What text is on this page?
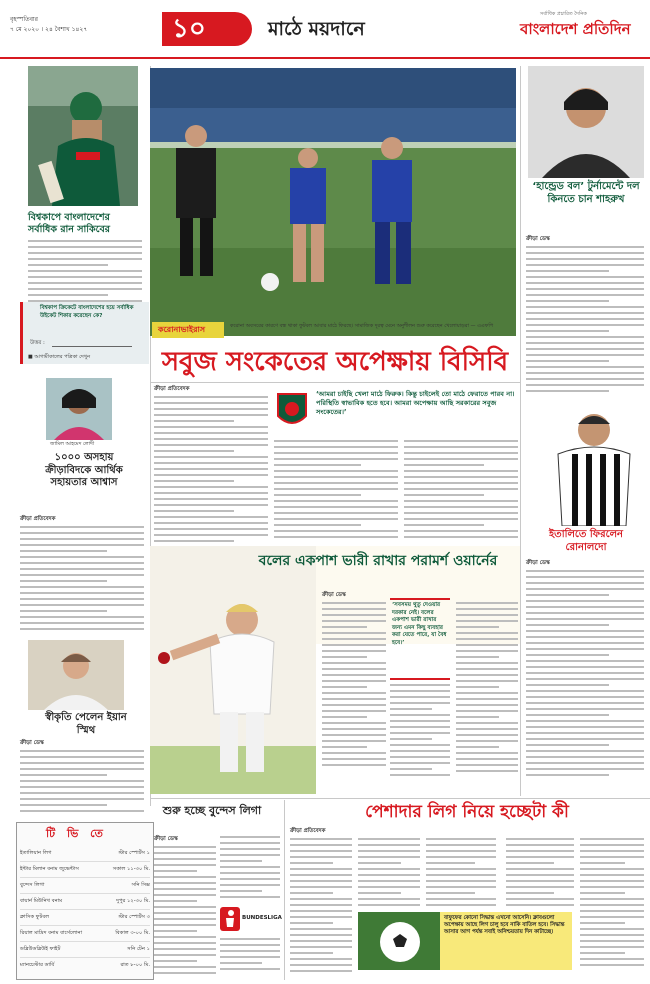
বৃহস্পতিবার
৭ মে ২০২০ । ২৪ বৈশাখ ১৪২৭	১০	মাঠে ময়দানে
সর্বাধিক প্রচারিত দৈনিক
বাংলাদেশ প্রতিদিন
বিশ্বকাপে বাংলাদেশের সর্বাধিক রান সাকিবের
বিশ্বকাপ ক্রিকেটে বাংলাদেশের হয়ে সর্বাধিক উইকেট শিকার করেছেন কে?
উত্তর :
■ আগামীকালের পত্রিকা দেখুন
জামিল আহমেদ লোদী
১০০০ অসহায় ক্রীড়াবিদকে আর্থিক সহায়তার আশ্বাস
ক্রীড়া প্রতিবেদক
স্বীকৃতি পেলেন ইয়ান স্মিথ
ক্রীড়া ডেস্ক
টি ভি তে
ইতালিয়ান লিগ	স্টার স্পোর্টস ১
ইন্টার মিলান বনাম জুভেন্টাস	সকাল ১১-৩০ মি.
বুন্দেস লিগা	সনি সিক্স
বায়ার্ন মিউনিখ বনাম	দুপুর ১২-৩০ মি.
ক্লাসিক ফুটবল	স্টার স্পোর্টস ৩
রিয়াল মাদ্রিদ বনাম বার্সেলোনা	বিকাল ৩-০০ মি.
ডব্লিউডব্লিউই ফাইট	সনি টেন ১
ম্যানচেস্টার ডার্বি	রাত ৮-০০ মি.
করোনাভাইরাস	করোনা অবসরের কারণে বন্ধ থাকা ফুটবল আবার মাঠে ফিরছে। সামাজিক দূরত্ব মেনে অনুশীলন শুরু করেছেন খেলোয়াড়রা — এএফপি
সবুজ সংকেতের অপেক্ষায় বিসিবি
ক্রীড়া প্রতিবেদক
‘আমরা চাইছি খেলা মাঠে ফিরুক। কিন্তু চাইলেই তো মাঠে ফেরাতে পারব না। পরিস্থিতি স্বাভাবিক হতে হবে। আমরা অপেক্ষায় আছি সরকারের সবুজ সংকেতের।’
বলের একপাশ ভারী রাখার পরামর্শ ওয়ার্নের
ক্রীড়া ডেস্ক
‘সবসময় থুতু দেওয়ার দরকার নেই। বলের একপাশ ভারী রাখার জন্য এমন কিছু ব্যবহার করা যেতে পারে, যা বৈধ হবে।’
শুরু হচ্ছে বুন্দেস লিগা
ক্রীড়া ডেস্ক
BUNDESLIGA
পেশাদার লিগ নিয়ে হচ্ছেটা কী
ক্রীড়া প্রতিবেদক
বাফুফের কোনো সিদ্ধান্ত এখনো আসেনি। ক্লাবগুলো অপেক্ষায় আছে লিগ চালু হবে নাকি বাতিল হবে। সিদ্ধান্ত আসার আগ পর্যন্ত সবাই অনিশ্চয়তায় দিন কাটাচ্ছে।
‘হান্ড্রেড বল’ টুর্নামেন্টে দল কিনতে চান শাহরুখ
ক্রীড়া ডেস্ক
ইতালিতে ফিরলেন রোনালদো
ক্রীড়া ডেস্ক
